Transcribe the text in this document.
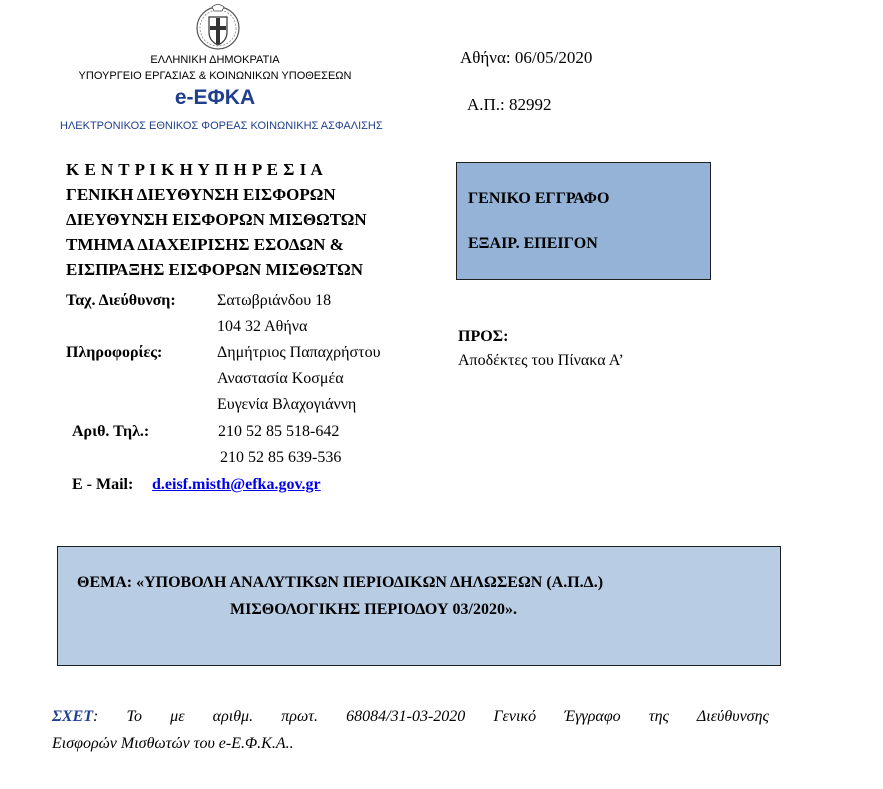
ΕΛΛΗΝΙΚΗ ΔΗΜΟΚΡΑΤΙΑ
ΥΠΟΥΡΓΕΙΟ ΕΡΓΑΣΙΑΣ & ΚΟΙΝΩΝΙΚΩΝ ΥΠΟΘΕΣΕΩΝ
e-ΕΦΚΑ
ΗΛΕΚΤΡΟΝΙΚΟΣ ΕΘΝΙΚΟΣ ΦΟΡΕΑΣ ΚΟΙΝΩΝΙΚΗΣ ΑΣΦΑΛΙΣΗΣ
Αθήνα: 06/05/2020
Α.Π.: 82992
Κ Ε Ν Τ Ρ Ι Κ Η Υ Π Η Ρ Ε Σ Ι Α
ΓΕΝΙΚΗ ΔΙΕΥΘΥΝΣΗ ΕΙΣΦΟΡΩΝ
ΔΙΕΥΘΥΝΣΗ ΕΙΣΦΟΡΩΝ ΜΙΣΘΩΤΩΝ
ΤΜΗΜΑ ΔΙΑΧΕΙΡΙΣΗΣ ΕΣΟΔΩΝ &
ΕΙΣΠΡΑΞΗΣ ΕΙΣΦΟΡΩΝ ΜΙΣΘΩΤΩΝ
ΓΕΝΙΚΟ ΕΓΓΡΑΦΟ
ΕΞΑΙΡ. ΕΠΕΙΓΟΝ
Ταχ. Διεύθυνση:	Σατωβριάνδου 18
104 32 Αθήνα
Πληροφορίες:	Δημήτριος Παπαχρήστου
Αναστασία Κοσμέα
Ευγενία Βλαχογιάννη
Αριθ. Τηλ.:	210 52 85 518-642
210 52 85 639-536
E - Mail: d.eisf.misth@efka.gov.gr
ΠΡΟΣ:
Αποδέκτες του Πίνακα Α’
ΘΕΜΑ: «ΥΠΟΒΟΛΗ ΑΝΑΛΥΤΙΚΩΝ ΠΕΡΙΟΔΙΚΩΝ ΔΗΛΩΣΕΩΝ (Α.Π.Δ.)
ΜΙΣΘΟΛΟΓΙΚΗΣ ΠΕΡΙΟΔΟΥ 03/2020».
ΣΧΕΤ: Το με αριθμ. πρωτ. 68084/31-03-2020 Γενικό Έγγραφο της Διεύθυνσης
Εισφορών Μισθωτών του e-Ε.Φ.Κ.Α..
